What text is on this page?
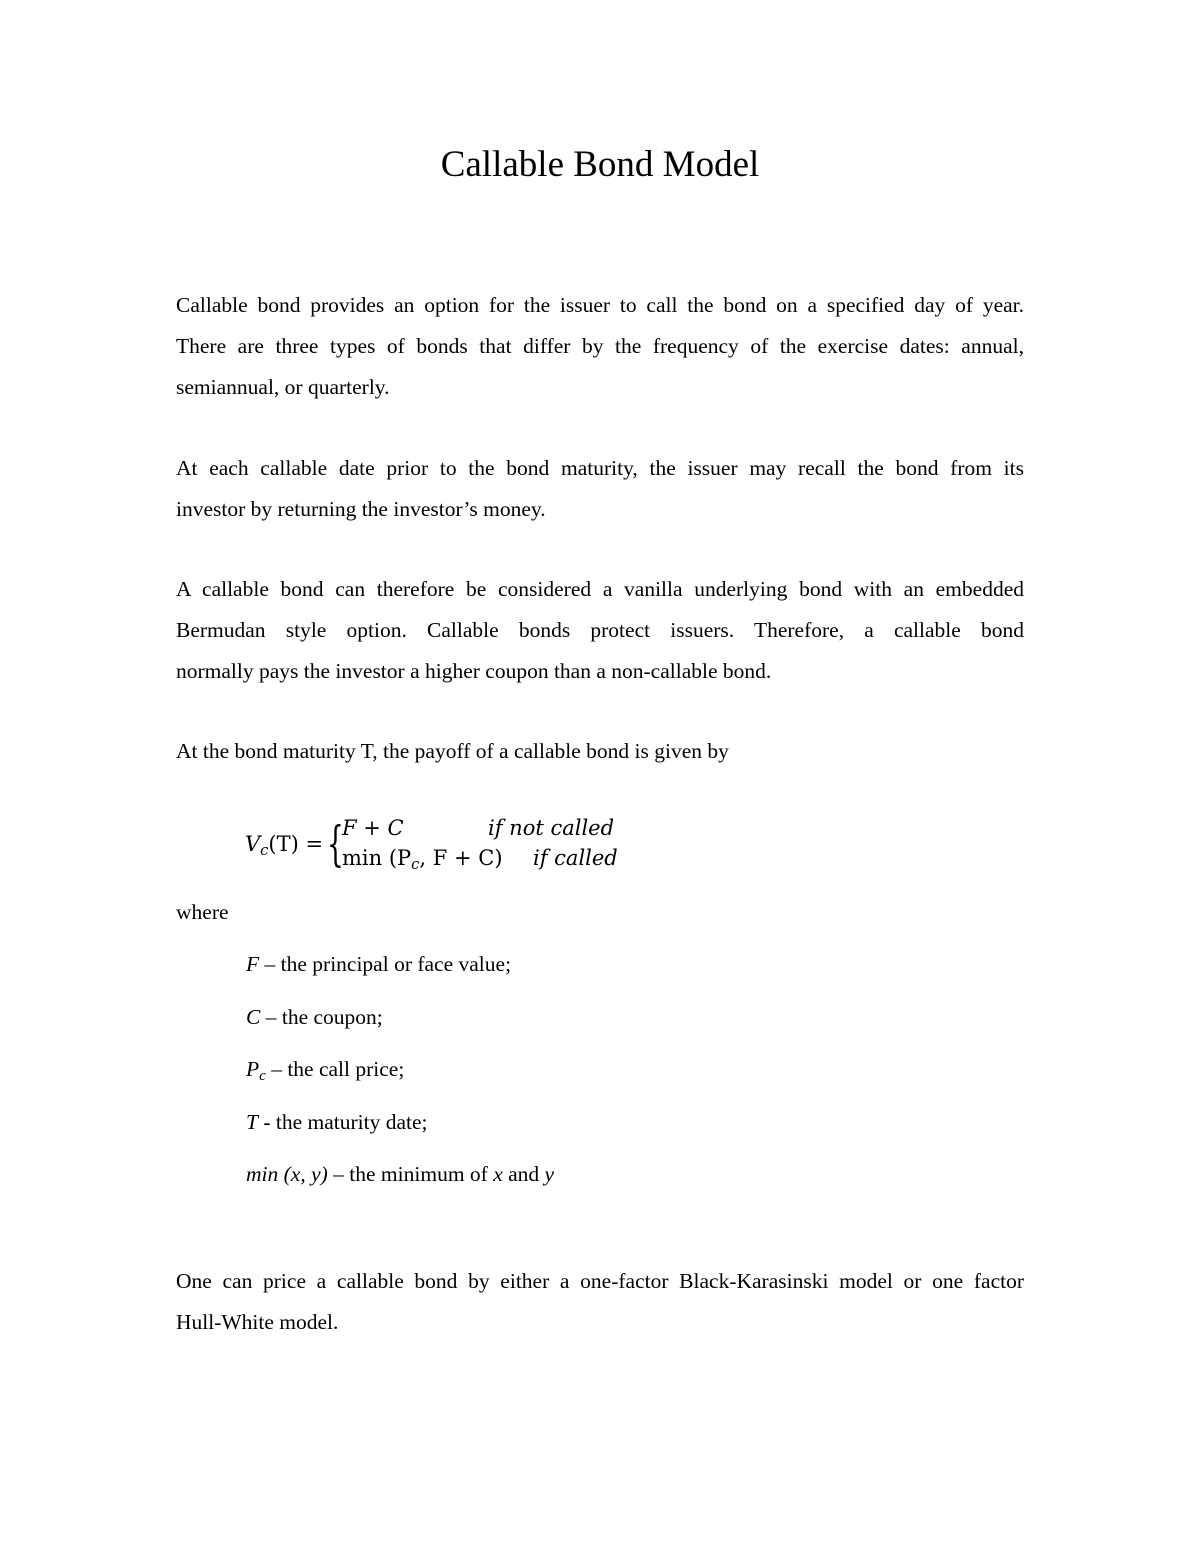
Callable Bond Model
Callable bond provides an option for the issuer to call the bond on a specified day of year.
There are three types of bonds that differ by the frequency of the exercise dates: annual,
semiannual, or quarterly.
At each callable date prior to the bond maturity, the issuer may recall the bond from its
investor by returning the investor’s money.
A callable bond can therefore be considered a vanilla underlying bond with an embedded
Bermudan style option. Callable bonds protect issuers. Therefore, a callable bond
normally pays the investor a higher coupon than a non-callable bond.
At the bond maturity T, the payoff of a callable bond is given by
$V_c(T)$ = {
F + C	if not called
$\min (P_c$, F + C) if called
where
F – the principal or face value;
C – the coupon;
$P_c$ – the call price;
T - the maturity date;
min (x, y) – the minimum of x and y
One can price a callable bond by either a one-factor Black-Karasinski model or one factor
Hull-White model.
